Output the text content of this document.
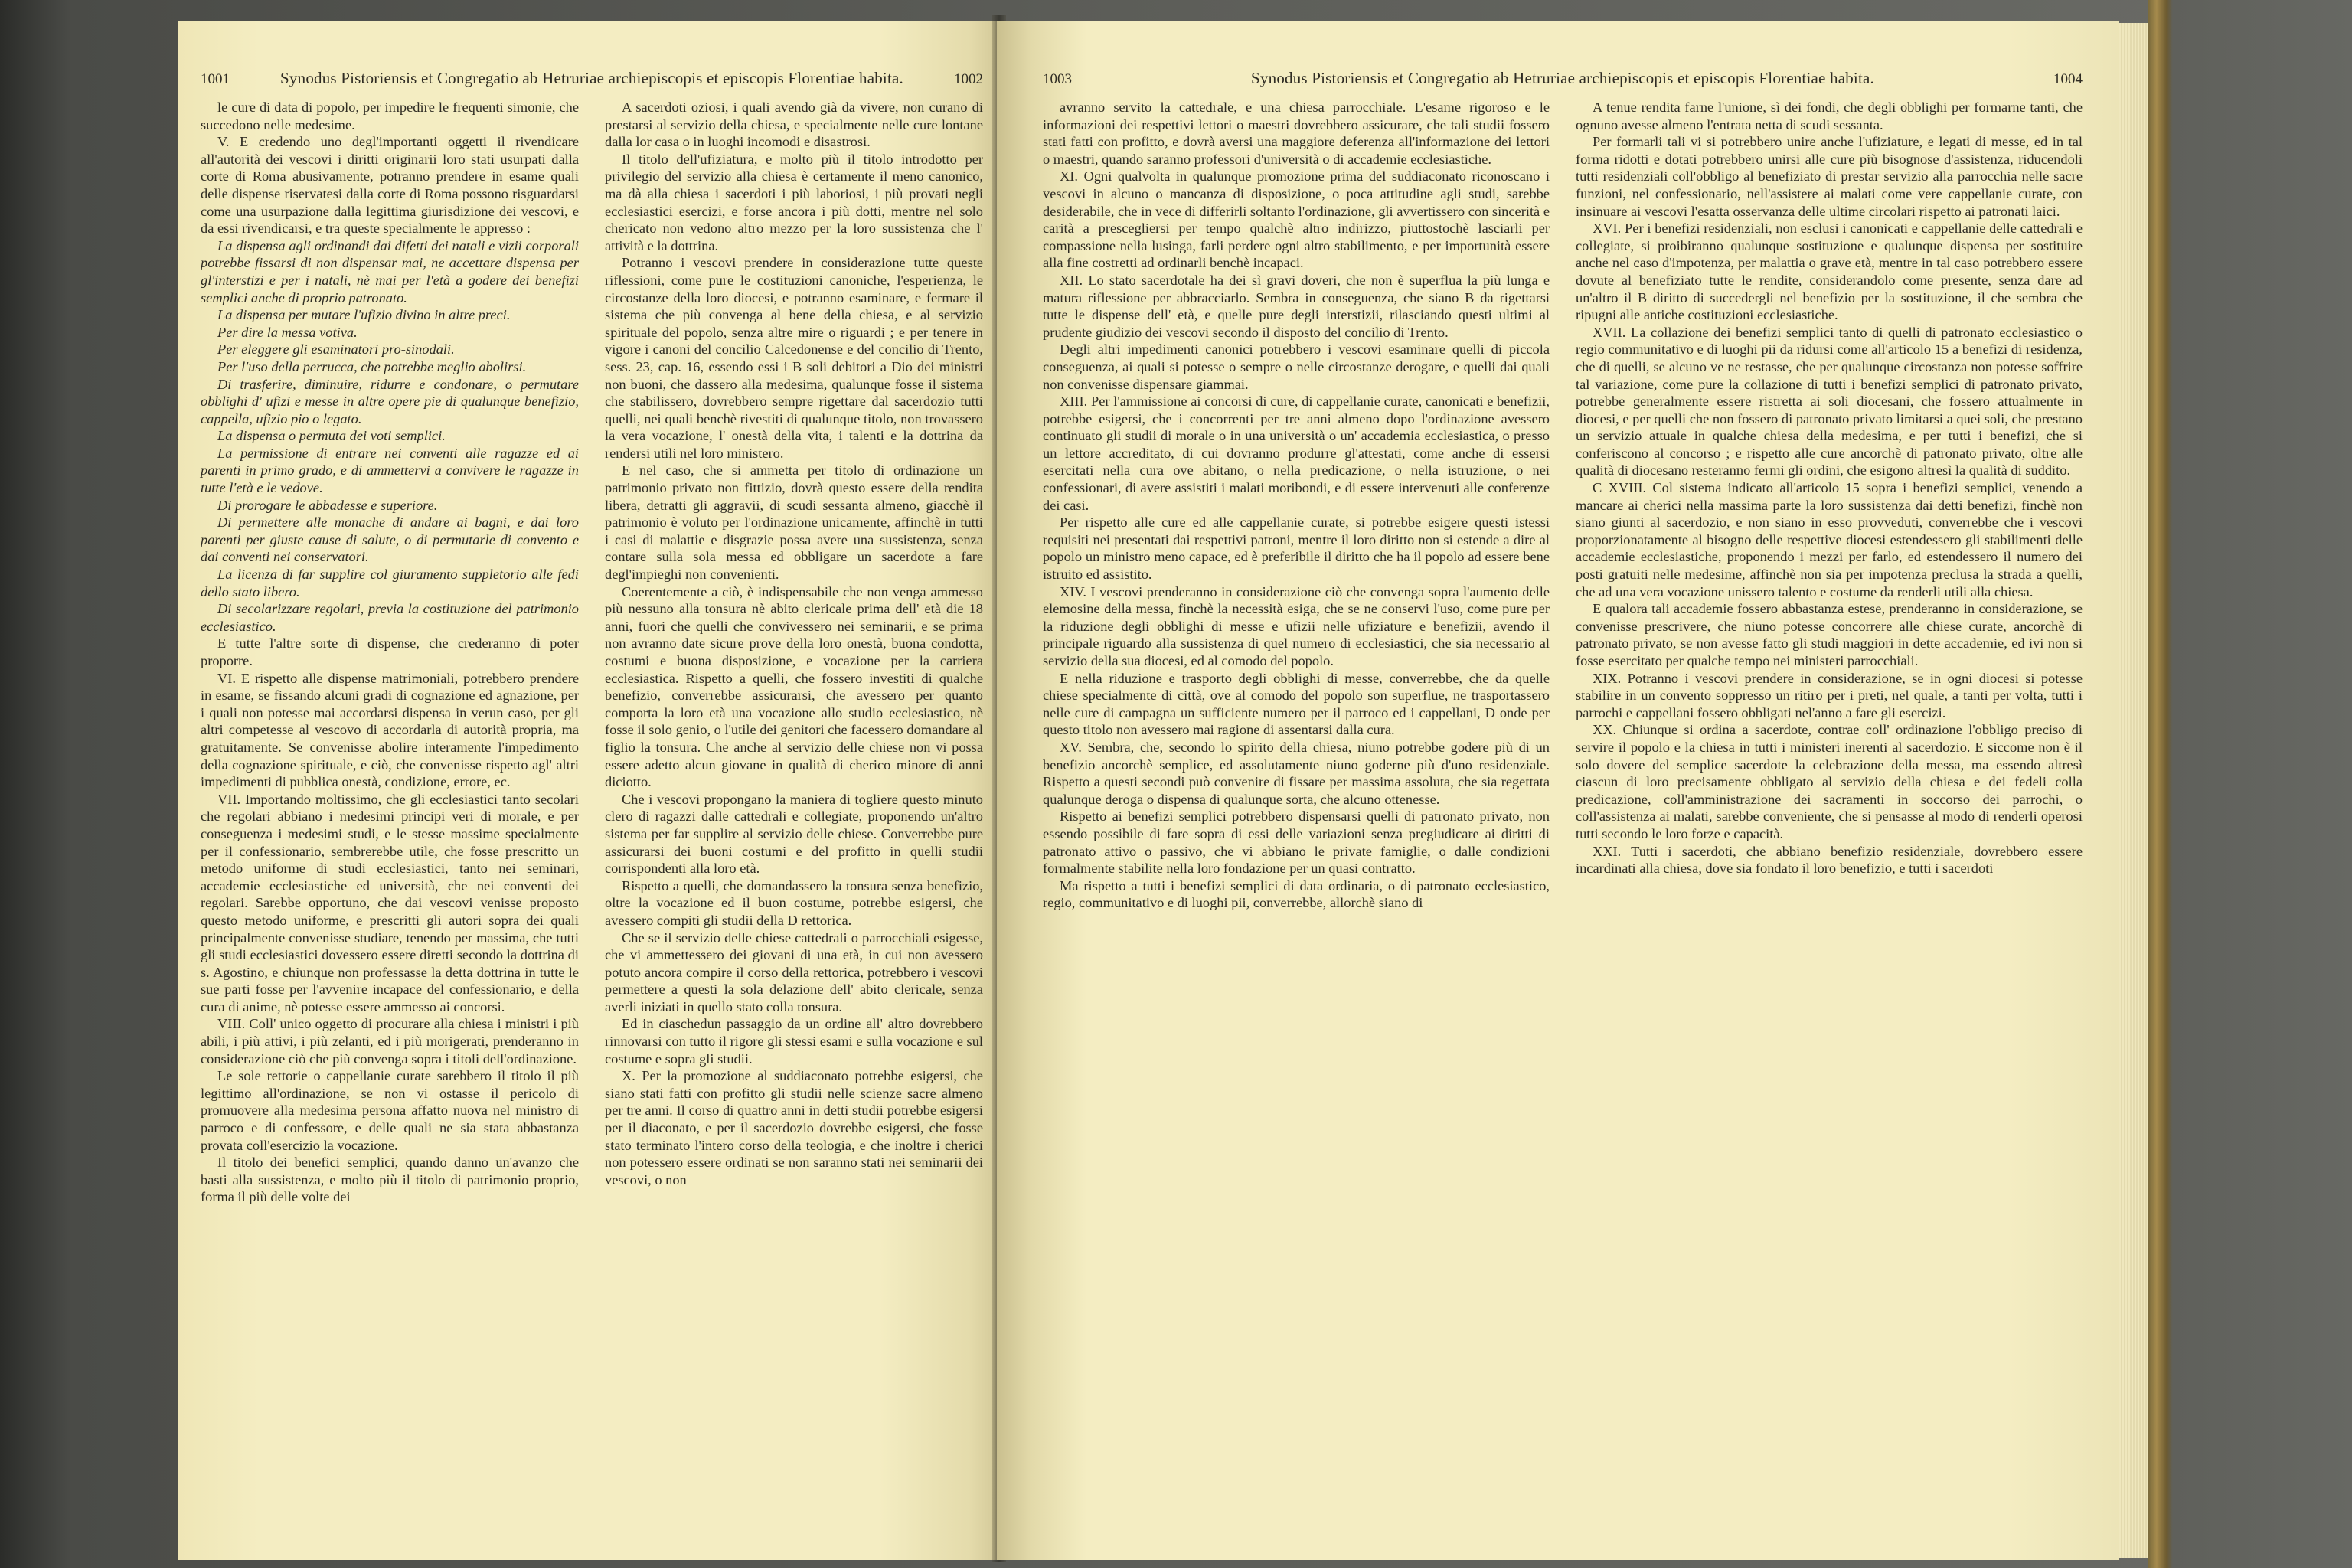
1001	Synodus Pistoriensis et Congregatio ab Hetruriae archiepiscopis et episcopis Florentiae habita.	1002

le cure di data di popolo, per impedire le frequenti simonie, che succedono nelle medesime.

V. E credendo uno degl'importanti oggetti il rivendicare all'autorità dei vescovi i diritti originarii loro stati usurpati dalla corte di Roma abusivamente, potranno prendere in esame quali delle dispense riservatesi dalla corte di Roma possono risguardarsi come una usurpazione dalla legittima giurisdizione dei vescovi, e da essi rivendicarsi, e tra queste specialmente le appresso :

La dispensa agli ordinandi dai difetti dei natali e vizii corporali potrebbe fissarsi di non dispensar mai, ne accettare dispensa per gl'interstizi e per i natali, nè mai per l'età a godere dei benefizi semplici anche di proprio patronato.

La dispensa per mutare l'ufizio divino in altre preci.

Per dire la messa votiva.

Per eleggere gli esaminatori pro-sinodali.

Per l'uso della perrucca, che potrebbe meglio abolirsi.

Di trasferire, diminuire, ridurre e condonare, o permutare obblighi d' ufizi e messe in altre opere pie di qualunque benefizio, cappella, ufizio pio o legato.

La dispensa o permuta dei voti semplici.

La permissione di entrare nei conventi alle ragazze ed ai parenti in primo grado, e di ammettervi a convivere le ragazze in tutte l'età e le vedove.

Di prorogare le abbadesse e superiore.

Di permettere alle monache di andare ai bagni, e dai loro parenti per giuste cause di salute, o di permutarle di convento e dai conventi nei conservatori.

La licenza di far supplire col giuramento suppletorio alle fedi dello stato libero.

Di secolarizzare regolari, previa la costituzione del patrimonio ecclesiastico.

E tutte l'altre sorte di dispense, che crederanno di poter proporre.

VI. E rispetto alle dispense matrimoniali, potrebbero prendere in esame, se fissando alcuni gradi di cognazione ed agnazione, per i quali non potesse mai accordarsi dispensa in verun caso, per gli altri competesse al vescovo di accordarla di autorità propria, ma gratuitamente. Se convenisse abolire interamente l'impedimento della cognazione spirituale, e ciò, che convenisse rispetto agl' altri impedimenti di pubblica onestà, condizione, errore, ec.

VII. Importando moltissimo, che gli ecclesiastici tanto secolari che regolari abbiano i medesimi principi veri di morale, e per conseguenza i medesimi studi, e le stesse massime specialmente per il confessionario, sembrerebbe utile, che fosse prescritto un metodo uniforme di studi ecclesiastici, tanto nei seminari, accademie ecclesiastiche ed università, che nei conventi dei regolari. Sarebbe opportuno, che dai vescovi venisse proposto questo metodo uniforme, e prescritti gli autori sopra dei quali principalmente convenisse studiare, tenendo per massima, che tutti gli studi ecclesiastici dovessero essere diretti secondo la dottrina di s. Agostino, e chiunque non professasse la detta dottrina in tutte le sue parti fosse per l'avvenire incapace del confessionario, e della cura di anime, nè potesse essere ammesso ai concorsi.

VIII. Coll' unico oggetto di procurare alla chiesa i ministri i più abili, i più attivi, i più zelanti, ed i più morigerati, prenderanno in considerazione ciò che più convenga sopra i titoli dell'ordinazione.

Le sole rettorie o cappellanie curate sarebbero il titolo il più legittimo all'ordinazione, se non vi ostasse il pericolo di promuovere alla medesima persona affatto nuova nel ministro di parroco e di confessore, e delle quali ne sia stata abbastanza provata coll'esercizio la vocazione.

Il titolo dei benefici semplici, quando danno un'avanzo che basti alla sussistenza, e molto più il titolo di patrimonio proprio, forma il più delle volte dei

A sacerdoti oziosi, i quali avendo già da vivere, non curano di prestarsi al servizio della chiesa, e specialmente nelle cure lontane dalla lor casa o in luoghi incomodi e disastrosi.

Il titolo dell'ufiziatura, e molto più il titolo introdotto per privilegio del servizio alla chiesa è certamente il meno canonico, ma dà alla chiesa i sacerdoti i più laboriosi, i più provati negli ecclesiastici esercizi, e forse ancora i più dotti, mentre nel solo chericato non vedono altro mezzo per la loro sussistenza che l' attività e la dottrina.

Potranno i vescovi prendere in considerazione tutte queste riflessioni, come pure le costituzioni canoniche, l'esperienza, le circostanze della loro diocesi, e potranno esaminare, e fermare il sistema che più convenga al bene della chiesa, e al servizio spirituale del popolo, senza altre mire o riguardi ; e per tenere in vigore i canoni del concilio Calcedonense e del concilio di Trento, sess. 23, cap. 16, essendo essi i B soli debitori a Dio dei ministri non buoni, che dassero alla medesima, qualunque fosse il sistema che stabilissero, dovrebbero sempre rigettare dal sacerdozio tutti quelli, nei quali benchè rivestiti di qualunque titolo, non trovassero la vera vocazione, l' onestà della vita, i talenti e la dottrina da rendersi utili nel loro ministero.

E nel caso, che si ammetta per titolo di ordinazione un patrimonio privato non fittizio, dovrà questo essere della rendita libera, detratti gli aggravii, di scudi sessanta almeno, giacchè il patrimonio è voluto per l'ordinazione unicamente, affinchè in tutti i casi di malattie e disgrazie possa avere una sussistenza, senza contare sulla sola messa ed obbligare un sacerdote a fare degl'impieghi non convenienti.

Coerentemente a ciò, è indispensabile che non venga ammesso più nessuno alla tonsura nè abito clericale prima dell' età die 18 anni, fuori che quelli che convivessero nei seminarii, e se prima non avranno date sicure prove della loro onestà, buona condotta, costumi e buona disposizione, e vocazione per la carriera ecclesiastica. Rispetto a quelli, che fossero investiti di qualche benefizio, converrebbe assicurarsi, che avessero per quanto comporta la loro età una vocazione allo studio ecclesiastico, nè fosse il solo genio, o l'utile dei genitori che facessero domandare al figlio la tonsura. Che anche al servizio delle chiese non vi possa essere adetto alcun giovane in qualità di cherico minore di anni diciotto.

Che i vescovi propongano la maniera di togliere questo minuto clero di ragazzi dalle cattedrali e collegiate, proponendo un'altro sistema per far supplire al servizio delle chiese. Converrebbe pure assicurarsi dei buoni costumi e del profitto in quelli studii corrispondenti alla loro età.

Rispetto a quelli, che domandassero la tonsura senza benefizio, oltre la vocazione ed il buon costume, potrebbe esigersi, che avessero compiti gli studii della D rettorica.

Che se il servizio delle chiese cattedrali o parrocchiali esigesse, che vi ammettessero dei giovani di una età, in cui non avessero potuto ancora compire il corso della rettorica, potrebbero i vescovi permettere a questi la sola delazione dell' abito clericale, senza averli iniziati in quello stato colla tonsura.

Ed in ciaschedun passaggio da un ordine all' altro dovrebbero rinnovarsi con tutto il rigore gli stessi esami e sulla vocazione e sul costume e sopra gli studii.

X. Per la promozione al suddiaconato potrebbe esigersi, che siano stati fatti con profitto gli studii nelle scienze sacre almeno per tre anni. Il corso di quattro anni in detti studii potrebbe esigersi per il diaconato, e per il sacerdozio dovrebbe esigersi, che fosse stato terminato l'intero corso della teologia, e che inoltre i cherici non potessero essere ordinati se non saranno stati nei seminarii dei vescovi, o non

1003	Synodus Pistoriensis et Congregatio ab Hetruriae archiepiscopis et episcopis Florentiae habita.	1004

avranno servito la cattedrale, e una chiesa parrocchiale. L'esame rigoroso e le informazioni dei respettivi lettori o maestri dovrebbero assicurare, che tali studii fossero stati fatti con profitto, e dovrà aversi una maggiore deferenza all'informazione dei lettori o maestri, quando saranno professori d'università o di accademie ecclesiastiche.

XI. Ogni qualvolta in qualunque promozione prima del suddiaconato riconoscano i vescovi in alcuno o mancanza di disposizione, o poca attitudine agli studi, sarebbe desiderabile, che in vece di differirli soltanto l'ordinazione, gli avvertissero con sincerità e carità a prescegliersi per tempo qualchè altro indirizzo, piuttostochè lasciarli per compassione nella lusinga, farli perdere ogni altro stabilimento, e per importunità essere alla fine costretti ad ordinarli benchè incapaci.

XII. Lo stato sacerdotale ha dei sì gravi doveri, che non è superflua la più lunga e matura riflessione per abbracciarlo. Sembra in conseguenza, che siano B da rigettarsi tutte le dispense dell' età, e quelle pure degli interstizii, rilasciando questi ultimi al prudente giudizio dei vescovi secondo il disposto del concilio di Trento.

Degli altri impedimenti canonici potrebbero i vescovi esaminare quelli di piccola conseguenza, ai quali si potesse o sempre o nelle circostanze derogare, e quelli dai quali non convenisse dispensare giammai.

XIII. Per l'ammissione ai concorsi di cure, di cappellanie curate, canonicati e benefizii, potrebbe esigersi, che i concorrenti per tre anni almeno dopo l'ordinazione avessero continuato gli studii di morale o in una università o un' accademia ecclesiastica, o presso un lettore accreditato, di cui dovranno produrre gl'attestati, come anche di essersi esercitati nella cura ove abitano, o nella predicazione, o nella istruzione, o nei confessionari, di avere assistiti i malati moribondi, e di essere intervenuti alle conferenze dei casi.

Per rispetto alle cure ed alle cappellanie curate, si potrebbe esigere questi istessi requisiti nei presentati dai respettivi patroni, mentre il loro diritto non si estende a dire al popolo un ministro meno capace, ed è preferibile il diritto che ha il popolo ad essere bene istruito ed assistito.

XIV. I vescovi prenderanno in considerazione ciò che convenga sopra l'aumento delle elemosine della messa, finchè la necessità esiga, che se ne conservi l'uso, come pure per la riduzione degli obblighi di messe e ufizii nelle ufiziature e benefizii, avendo il principale riguardo alla sussistenza di quel numero di ecclesiastici, che sia necessario al servizio della sua diocesi, ed al comodo del popolo.

E nella riduzione e trasporto degli obblighi di messe, converrebbe, che da quelle chiese specialmente di città, ove al comodo del popolo son superflue, ne trasportassero nelle cure di campagna un sufficiente numero per il parroco ed i cappellani, D onde per questo titolo non avessero mai ragione di assentarsi dalla cura.

XV. Sembra, che, secondo lo spirito della chiesa, niuno potrebbe godere più di un benefizio ancorchè semplice, ed assolutamente niuno goderne più d'uno residenziale. Rispetto a questi secondi può convenire di fissare per massima assoluta, che sia regettata qualunque deroga o dispensa di qualunque sorta, che alcuno ottenesse.

Rispetto ai benefizi semplici potrebbero dispensarsi quelli di patronato privato, non essendo possibile di fare sopra di essi delle variazioni senza pregiudicare ai diritti di patronato attivo o passivo, che vi abbiano le private famiglie, o dalle condizioni formalmente stabilite nella loro fondazione per un quasi contratto.

Ma rispetto a tutti i benefizi semplici di data ordinaria, o di patronato ecclesiastico, regio, communitativo e di luoghi pii, converrebbe, allorchè siano di

A tenue rendita farne l'unione, sì dei fondi, che degli obblighi per formarne tanti, che ognuno avesse almeno l'entrata netta di scudi sessanta.

Per formarli tali vi si potrebbero unire anche l'ufiziature, e legati di messe, ed in tal forma ridotti e dotati potrebbero unirsi alle cure più bisognose d'assistenza, riducendoli tutti residenziali coll'obbligo al benefiziato di prestar servizio alla parrocchia nelle sacre funzioni, nel confessionario, nell'assistere ai malati come vere cappellanie curate, con insinuare ai vescovi l'esatta osservanza delle ultime circolari rispetto ai patronati laici.

XVI. Per i benefizi residenziali, non esclusi i canonicati e cappellanie delle cattedrali e collegiate, si proibiranno qualunque sostituzione e qualunque dispensa per sostituire anche nel caso d'impotenza, per malattia o grave età, mentre in tal caso potrebbero essere dovute al benefiziato tutte le rendite, considerandolo come presente, senza dare ad un'altro il B diritto di succedergli nel benefizio per la sostituzione, il che sembra che ripugni alle antiche costituzioni ecclesiastiche.

XVII. La collazione dei benefizi semplici tanto di quelli di patronato ecclesiastico o regio communitativo e di luoghi pii da ridursi come all'articolo 15 a benefizi di residenza, che di quelli, se alcuno ve ne restasse, che per qualunque circostanza non potesse soffrire tal variazione, come pure la collazione di tutti i benefizi semplici di patronato privato, potrebbe generalmente essere ristretta ai soli diocesani, che fossero attualmente in diocesi, e per quelli che non fossero di patronato privato limitarsi a quei soli, che prestano un servizio attuale in qualche chiesa della medesima, e per tutti i benefizi, che si conferiscono al concorso ; e rispetto alle cure ancorchè di patronato privato, oltre alle qualità di diocesano resteranno fermi gli ordini, che esigono altresì la qualità di suddito.

C XVIII. Col sistema indicato all'articolo 15 sopra i benefizi semplici, venendo a mancare ai cherici nella massima parte la loro sussistenza dai detti benefizi, finchè non siano giunti al sacerdozio, e non siano in esso provveduti, converrebbe che i vescovi proporzionatamente al bisogno delle respettive diocesi estendessero gli stabilimenti delle accademie ecclesiastiche, proponendo i mezzi per farlo, ed estendessero il numero dei posti gratuiti nelle medesime, affinchè non sia per impotenza preclusa la strada a quelli, che ad una vera vocazione unissero talento e costume da renderli utili alla chiesa.

E qualora tali accademie fossero abbastanza estese, prenderanno in considerazione, se convenisse prescrivere, che niuno potesse concorrere alle chiese curate, ancorchè di patronato privato, se non avesse fatto gli studi maggiori in dette accademie, ed ivi non si fosse esercitato per qualche tempo nei ministeri parrocchiali.

XIX. Potranno i vescovi prendere in considerazione, se in ogni diocesi si potesse stabilire in un convento soppresso un ritiro per i preti, nel quale, a tanti per volta, tutti i parrochi e cappellani fossero obbligati nel'anno a fare gli esercizi.

XX. Chiunque si ordina a sacerdote, contrae coll' ordinazione l'obbligo preciso di servire il popolo e la chiesa in tutti i ministeri inerenti al sacerdozio. E siccome non è il solo dovere del semplice sacerdote la celebrazione della messa, ma essendo altresì ciascun di loro precisamente obbligato al servizio della chiesa e dei fedeli colla predicazione, coll'amministrazione dei sacramenti in soccorso dei parrochi, o coll'assistenza ai malati, sarebbe conveniente, che si pensasse al modo di renderli operosi tutti secondo le loro forze e capacità.

XXI. Tutti i sacerdoti, che abbiano benefizio residenziale, dovrebbero essere incardinati alla chiesa, dove sia fondato il loro benefizio, e tutti i sacerdoti
